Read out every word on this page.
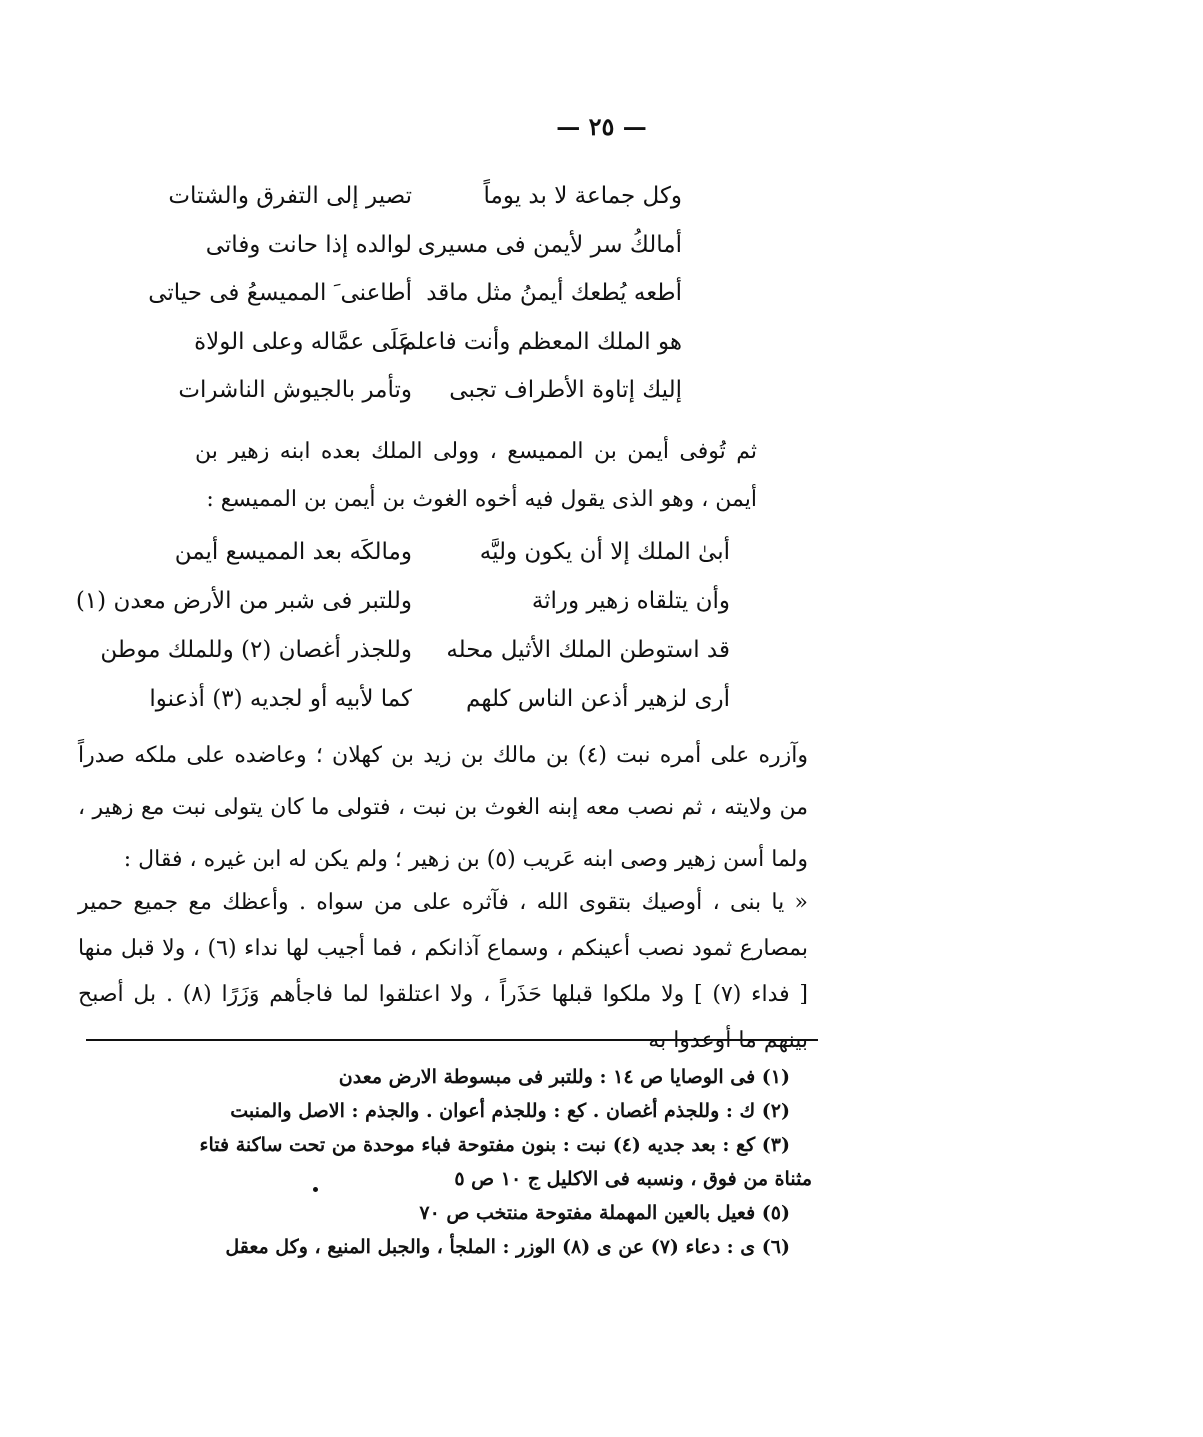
— ٢٥ —
وكل جماعة لا بد يوماً
تصير إلى التفرق والشتات
أمالكُ سر لأيمن فى مسيرى
لوالده إذا حانت وفاتى
أطعه يُطعك أيمنُ مثل ماقد
أطاعنى َ المميسعُ فى حياتى
هو الملك المعظم وأنت فاعلم
عَلَى عمَّاله وعلى الولاة
إليك إتاوة الأطراف تجبى
وتأمر بالجيوش الناشرات

ثم تُوفى أيمن بن المميسع ، وولى الملك بعده ابنه زهير بن أيمن ، وهو الذى يقول فيه أخوه الغوث بن أيمن بن المميسع :

أبىٰ الملك إلا أن يكون وليَّه
ومالكَه بعد المميسع أيمن
وأن يتلقاه زهير وراثة
وللتبر فى شبر من الأرض معدن (١)
قد استوطن الملك الأثيل محله
وللجذر أغصان (٢) وللملك موطن
أرى لزهير أذعن الناس كلهم
كما لأبيه أو لجديه (٣) أذعنوا

وآزره على أمره نبت (٤) بن مالك بن زيد بن كهلان ؛ وعاضده على ملكه صدراً من ولايته ، ثم نصب معه إبنه الغوث بن نبت ، فتولى ما كان يتولى نبت مع زهير ، ولما أسن زهير وصى ابنه عَريب (٥) بن زهير ؛ ولم يكن له ابن غيره ، فقال :

« يا بنى ، أوصيك بتقوى الله ، فآثره على من سواه . وأعظك مع جميع حمير بمصارع ثمود نصب أعينكم ، وسماع آذانكم ، فما أجيب لها نداء (٦) ، ولا قبل منها [ فداء (٧) ] ولا ملكوا قبلها حَذَراً ، ولا اعتلقوا لما فاجأهم وَزَرًا (٨) . بل أصبح بينهم ما أوعدوا به

(١) فى الوصايا ص ١٤ : وللتبر فى مبسوطة الارض معدن

(٢) ك : وللجذم أغصان . كع : وللجذم أعوان . والجذم : الاصل والمنبت

(٣) كع : بعد جديه (٤) نبت : بنون مفتوحة فباء موحدة من تحت ساكنة فتاء

مثناة من فوق ، ونسبه فى الاكليل ج ١٠ ص ٥

(٥) فعيل بالعين المهملة مفتوحة منتخب ص ٧٠

(٦) ى : دعاء (٧) عن ى (٨) الوزر : الملجأ ، والجبل المنيع ، وكل معقل
